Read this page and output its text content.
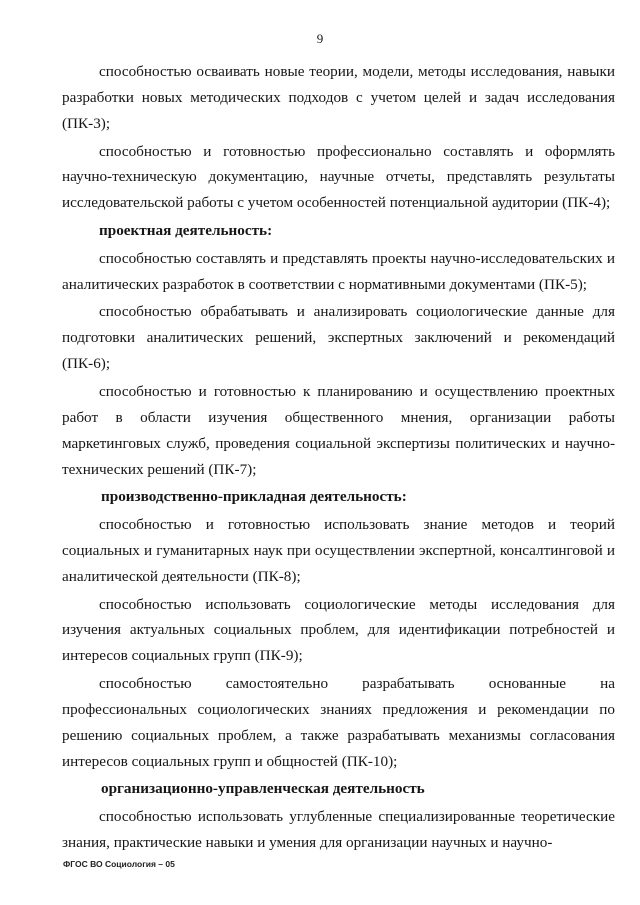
9

способностью осваивать новые теории, модели, методы исследования, навыки разработки новых методических подходов с учетом целей и задач исследования (ПК-3);

способностью и готовностью профессионально составлять и оформлять научно-техническую документацию, научные отчеты, представлять результаты исследовательской работы с учетом особенностей потенциальной аудитории (ПК-4);

проектная деятельность:

способностью составлять и представлять проекты научно-исследовательских и аналитических разработок в соответствии с нормативными документами (ПК-5);

способностью обрабатывать и анализировать социологические данные для подготовки аналитических решений, экспертных заключений и рекомендаций (ПК-6);

способностью и готовностью к планированию и осуществлению проектных работ в области изучения общественного мнения, организации работы маркетинговых служб, проведения социальной экспертизы политических и научно-технических решений (ПК-7);

производственно-прикладная деятельность:

способностью и готовностью использовать знание методов и теорий социальных и гуманитарных наук при осуществлении экспертной, консалтинговой и аналитической деятельности (ПК-8);

способностью использовать социологические методы исследования для изучения актуальных социальных проблем, для идентификации потребностей и интересов социальных групп (ПК-9);

способностью самостоятельно разрабатывать основанные на профессиональных социологических знаниях предложения и рекомендации по решению социальных проблем, а также разрабатывать механизмы согласования интересов социальных групп и общностей (ПК-10);

организационно-управленческая деятельность

способностью использовать углубленные специализированные теоретические знания, практические навыки и умения для организации научных и научно-

ФГОС ВО Социология – 05
